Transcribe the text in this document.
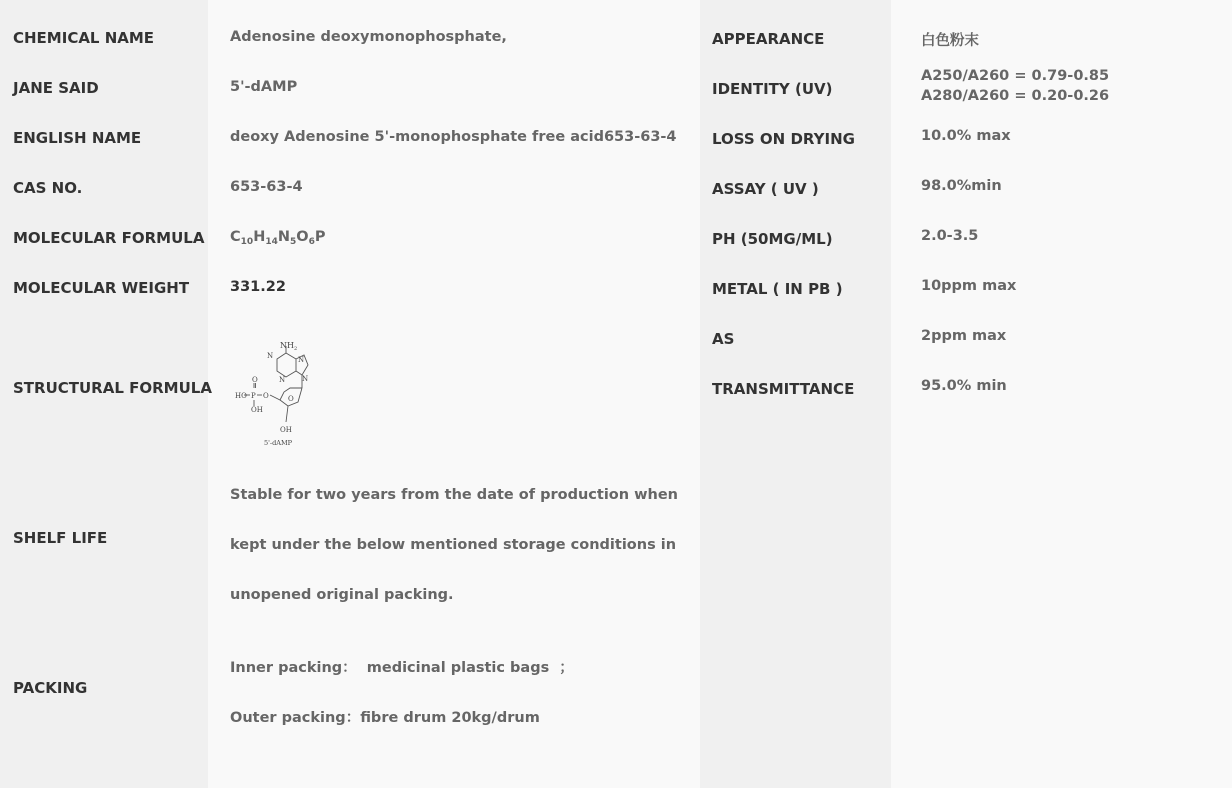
CHEMICAL NAME
JANE SAID
ENGLISH NAME
CAS NO.
MOLECULAR FORMULA
MOLECULAR WEIGHT
STRUCTURAL FORMULA
SHELF LIFE
PACKING
Adenosine deoxymonophosphate,
5'-dAMP
deoxy Adenosine 5'-monophosphate free acid653-63-4
653-63-4
$C_{10}H_{14}N_5O_6P$
331.22
$NH_2$
N	N
N N
O
O
O
P
HO
OH
OH
5'-dAMP
Stable for two years from the date of production when kept under the below mentioned storage conditions in unopened original packing.
Inner packing：  medicinal plastic bags  ；
Outer packing：fibre drum 20kg/drum
APPEARANCE
IDENTITY (UV)
LOSS ON DRYING
ASSAY ( UV )
PH (50MG/ML)
METAL ( IN PB )
AS
TRANSMITTANCE
白色粉末
A250/A260 = 0.79-0.85
A280/A260 = 0.20-0.26
10.0% max
98.0%min
2.0-3.5
10ppm max
2ppm max
95.0% min
